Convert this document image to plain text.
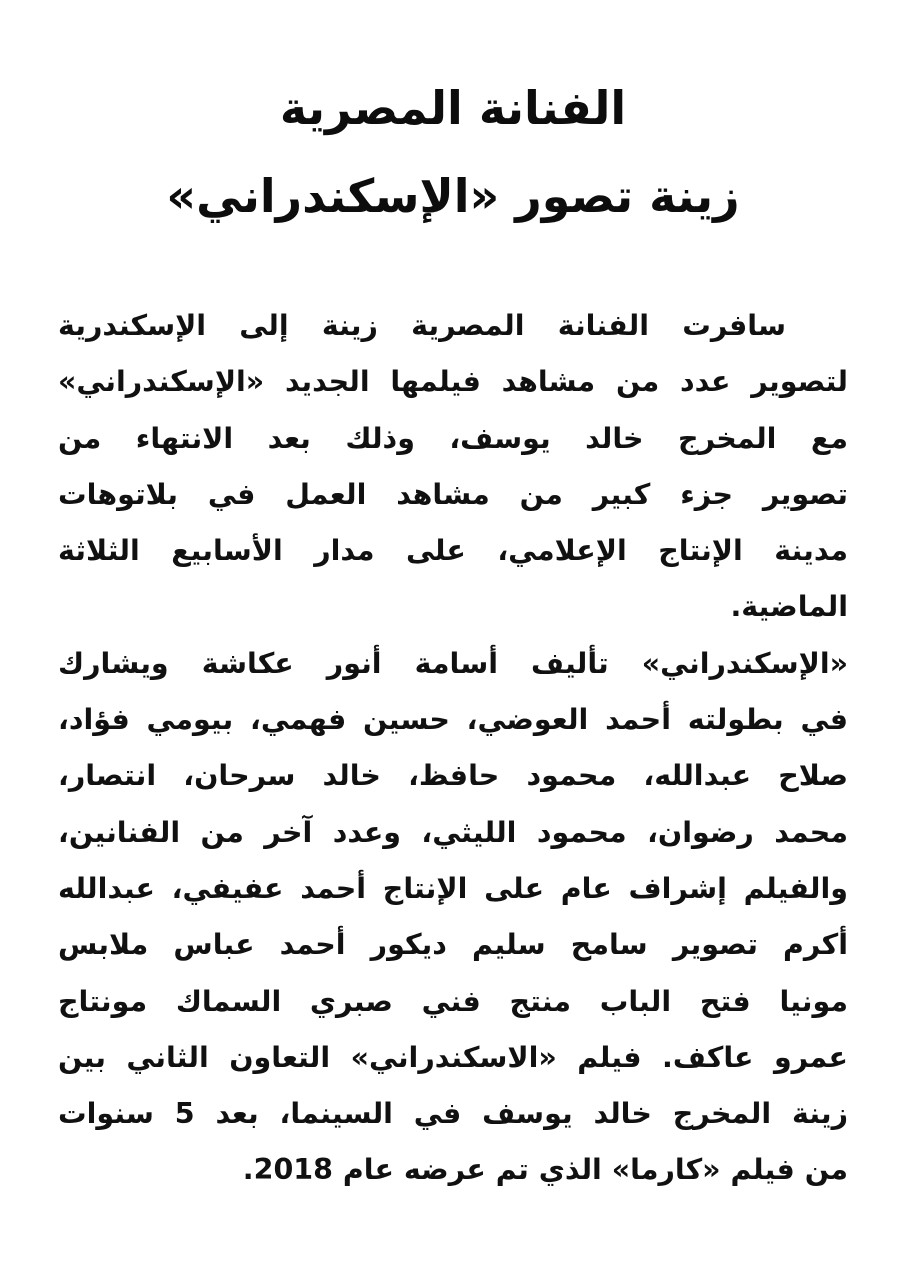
الفنانة المصرية
زينة تصور «الإسكندراني»
سافرت الفنانة المصرية زينة إلى الإسكندرية
لتصوير عدد من مشاهد فيلمها الجديد «الإسكندراني»
مع المخرج خالد يوسف، وذلك بعد الانتهاء من
تصوير جزء كبير من مشاهد العمل في بلاتوهات
مدينة الإنتاج الإعلامي، على مدار الأسابيع الثلاثة
الماضية.
«الإسكندراني» تأليف أسامة أنور عكاشة ويشارك
في بطولته أحمد العوضي، حسين فهمي، بيومي فؤاد،
صلاح عبدالله، محمود حافظ، خالد سرحان، انتصار،
محمد رضوان، محمود الليثي، وعدد آخر من الفنانين،
والفيلم إشراف عام على الإنتاج أحمد عفيفي، عبدالله
أكرم تصوير سامح سليم ديكور أحمد عباس ملابس
مونيا فتح الباب منتج فني صبري السماك مونتاج
عمرو عاكف. فيلم «الاسكندراني» التعاون الثاني بين
زينة المخرج خالد يوسف في السينما، بعد 5 سنوات
من فيلم «كارما» الذي تم عرضه عام 2018.
